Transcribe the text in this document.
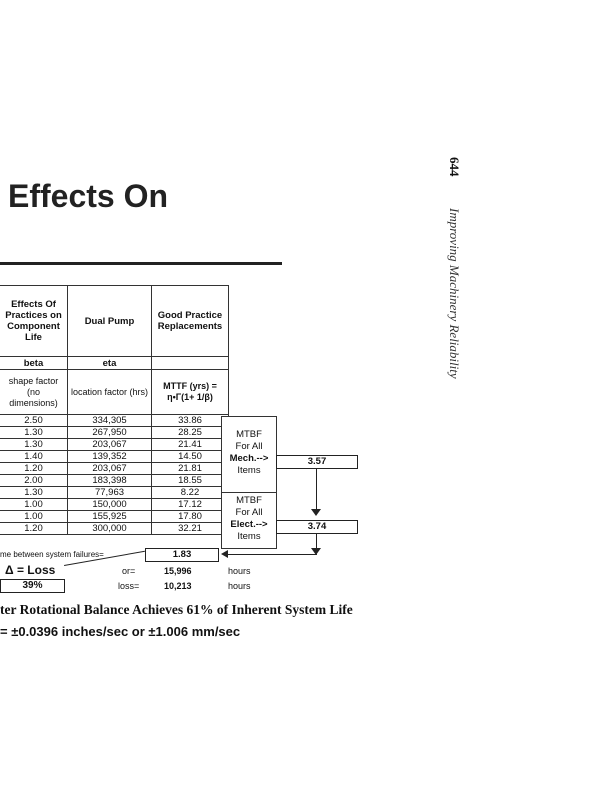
Effects On
644
Improving Machinery Reliability
Effects Of Practices on Component Life	Dual Pump	Good Practice Replacements
beta	eta	
shape factor (no dimensions)	location factor (hrs)	MTTF (yrs) = η•Γ(1+ 1/β)
2.50	334,305	33.86
1.30	267,950	28.25
1.30	203,067	21.41
1.40	139,352	14.50
1.20	203,067	21.81
2.00	183,398	18.55
1.30	77,963	8.22
1.00	150,000	17.12
1.00	155,925	17.80
1.20	300,000	32.21
MTBF
For All
Mech.-->
Items
3.57
MTBF
For All
Elect.-->
Items
3.74
me between system failures=	1.83
Δ = Loss
39%
or=	15,996	hours
loss=	10,213	hours
ter Rotational Balance Achieves 61% of Inherent System Life
= ±0.0396 inches/sec or ±1.006 mm/sec
